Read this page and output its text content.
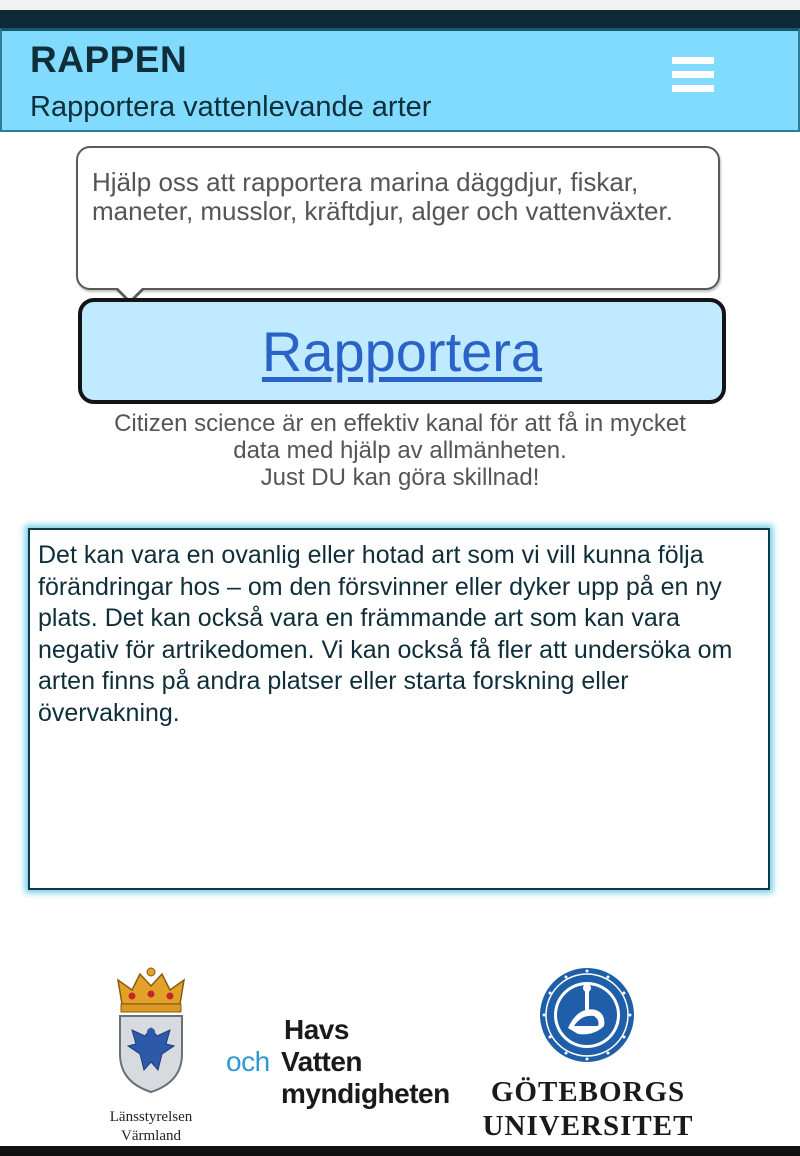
RAPPEN
Rapportera vattenlevande arter
Hjälp oss att rapportera marina däggdjur, fiskar, maneter, musslor, kräftdjur, alger och vattenväxter.
Rapportera
Citizen science är en effektiv kanal för att få in mycket
data med hjälp av allmänheten.
Just DU kan göra skillnad!
Det kan vara en ovanlig eller hotad art som vi vill kunna följa förändringar hos – om den försvinner eller dyker upp på en ny plats. Det kan också vara en främmande art som kan vara negativ för artrikedomen. Vi kan också få fler att undersöka om arten finns på andra platser eller starta forskning eller övervakning.
Länsstyrelsen
Värmland
Havs
och Vatten
myndigheten	GÖTEBORGS
UNIVERSITET
